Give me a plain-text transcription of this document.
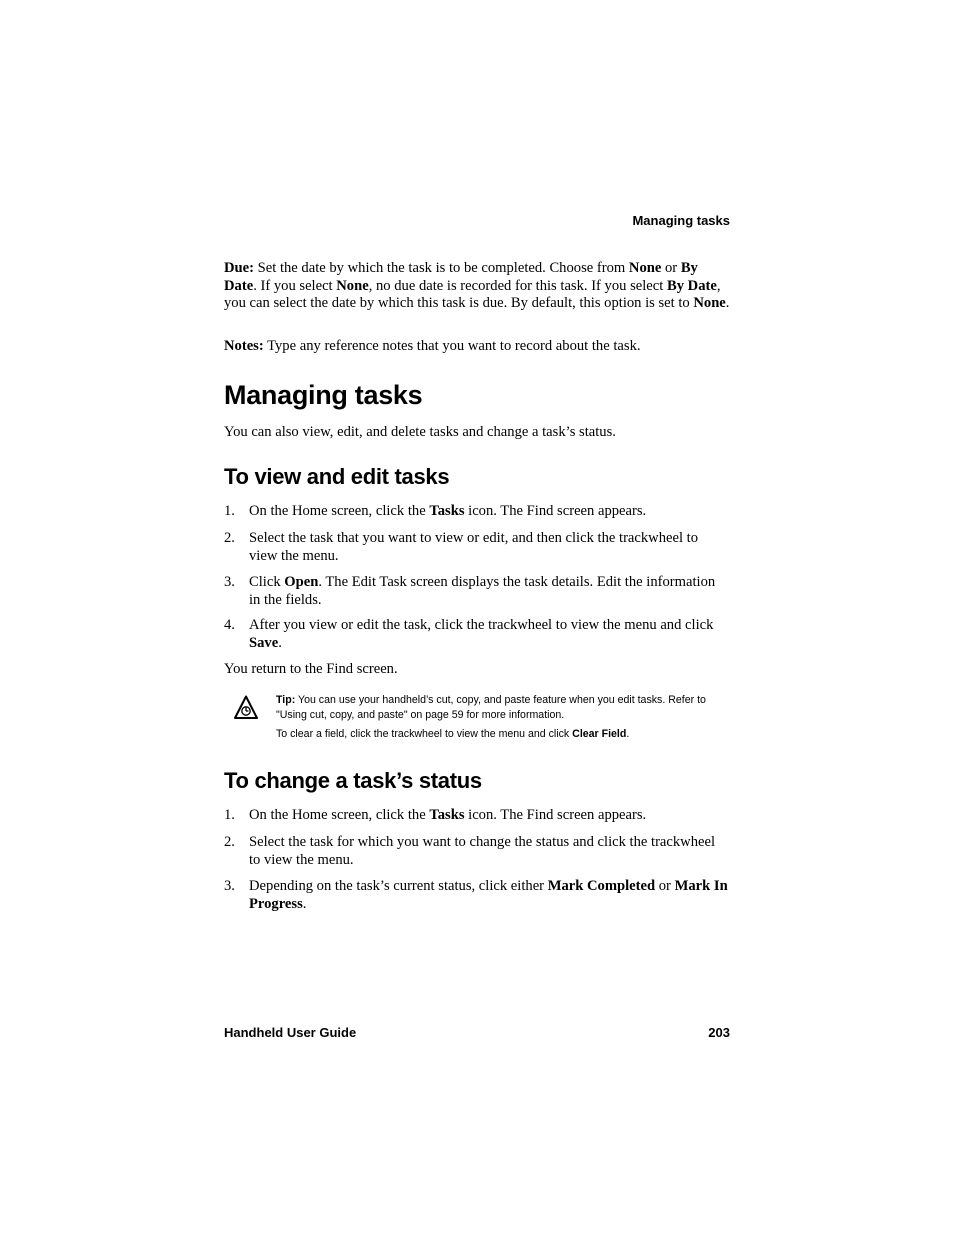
Managing tasks

Due: Set the date by which the task is to be completed. Choose from None or By Date. If you select None, no due date is recorded for this task. If you select By Date, you can select the date by which this task is due. By default, this option is set to None.

Notes: Type any reference notes that you want to record about the task.

Managing tasks

You can also view, edit, and delete tasks and change a task’s status.

To view and edit tasks
1. On the Home screen, click the Tasks icon. The Find screen appears.
2. Select the task that you want to view or edit, and then click the trackwheel to view the menu.
3. Click Open. The Edit Task screen displays the task details. Edit the information in the fields.
4. After you view or edit the task, click the trackwheel to view the menu and click Save.

You return to the Find screen.

Tip: You can use your handheld’s cut, copy, and paste feature when you edit tasks. Refer to "Using cut, copy, and paste" on page 59 for more information.

To clear a field, click the trackwheel to view the menu and click Clear Field.

To change a task’s status
1. On the Home screen, click the Tasks icon. The Find screen appears.
2. Select the task for which you want to change the status and click the trackwheel to view the menu.
3. Depending on the task’s current status, click either Mark Completed or Mark In Progress.
Handheld User Guide	203
